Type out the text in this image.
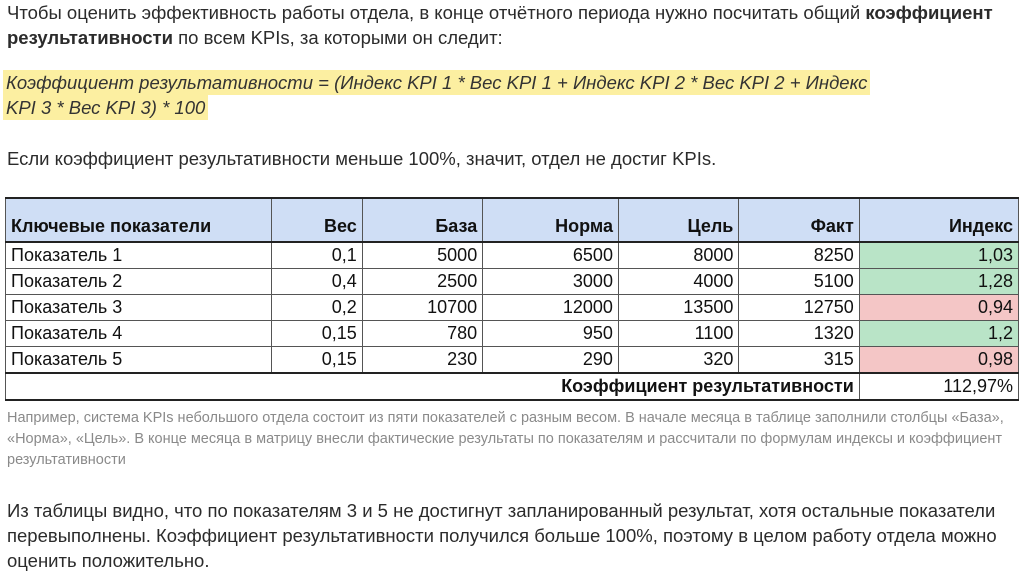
Чтобы оценить эффективность работы отдела, в конце отчётного периода нужно посчитать общий коэффициент результативности по всем KPIs, за которыми он следит:
Коэффициент результативности = (Индекс KPI 1 * Вес KPI 1 + Индекс KPI 2 * Вес KPI 2 + Индекс
KPI 3 * Вес KPI 3) * 100
Если коэффициент результативности меньше 100%, значит, отдел не достиг KPIs.
Ключевые показатели	Вес	База	Норма	Цель	Факт	Индекс
Показатель 1	0,1	5000	6500	8000	8250	1,03
Показатель 2	0,4	2500	3000	4000	5100	1,28
Показатель 3	0,2	10700	12000	13500	12750	0,94
Показатель 4	0,15	780	950	1100	1320	1,2
Показатель 5	0,15	230	290	320	315	0,98
Коэффициент результативности						112,97%
Например, система KPIs небольшого отдела состоит из пяти показателей с разным весом. В начале месяца в таблице заполнили столбцы «База», «Норма», «Цель». В конце месяца в матрицу внесли фактические результаты по показателям и рассчитали по формулам индексы и коэффициент результативности
Из таблицы видно, что по показателям 3 и 5 не достигнут запланированный результат, хотя остальные показатели перевыполнены. Коэффициент результативности получился больше 100%, поэтому в целом работу отдела можно оценить положительно.
